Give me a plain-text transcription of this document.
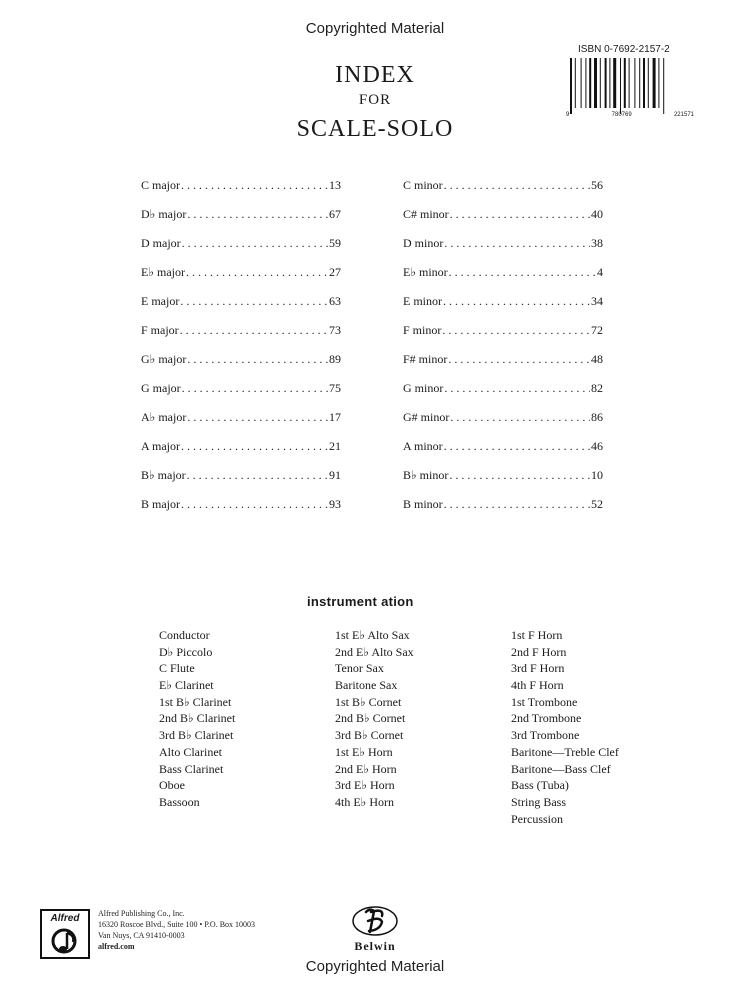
Copyrighted Material
INDEX
FOR
SCALE-SOLO
ISBN 0-7692-2157-2
9	780769	221571
C major . . .	13
D♭ major . . .	67
D major . . .	59
E♭ major . . .	27
E major . . .	63
F major . . .	73
G♭ major . . .	89
G major . . .	75
A♭ major . . .	17
A major . . .	21
B♭ major . . .	91
B major . . .	93
C minor . . .	56
C# minor . . .	40
D minor . . .	38
E♭ minor . . .	4
E minor . . .	34
F minor . . .	72
F# minor . . .	48
G minor . . .	82
G# minor . . .	86
A minor . . .	46
B♭ minor . . .	10
B minor . . .	52
instrument ation
Conductor
D♭ Piccolo
C Flute
E♭ Clarinet
1st B♭ Clarinet
2nd B♭ Clarinet
3rd B♭ Clarinet
Alto Clarinet
Bass Clarinet
Oboe
Bassoon
1st E♭ Alto Sax
2nd E♭ Alto Sax
Tenor Sax
Baritone Sax
1st B♭ Cornet
2nd B♭ Cornet
3rd B♭ Cornet
1st E♭ Horn
2nd E♭ Horn
3rd E♭ Horn
4th E♭ Horn
1st F Horn
2nd F Horn
3rd F Horn
4th F Horn
1st Trombone
2nd Trombone
3rd Trombone
Baritone—Treble Clef
Baritone—Bass Clef
Bass (Tuba)
String Bass
Percussion
Alfred	Alfred Publishing Co., Inc.
16320 Roscoe Blvd., Suite 100 • P.O. Box 10003
Van Nuys, CA 91410-0003
alfred.com	Belwin
Copyrighted Material
